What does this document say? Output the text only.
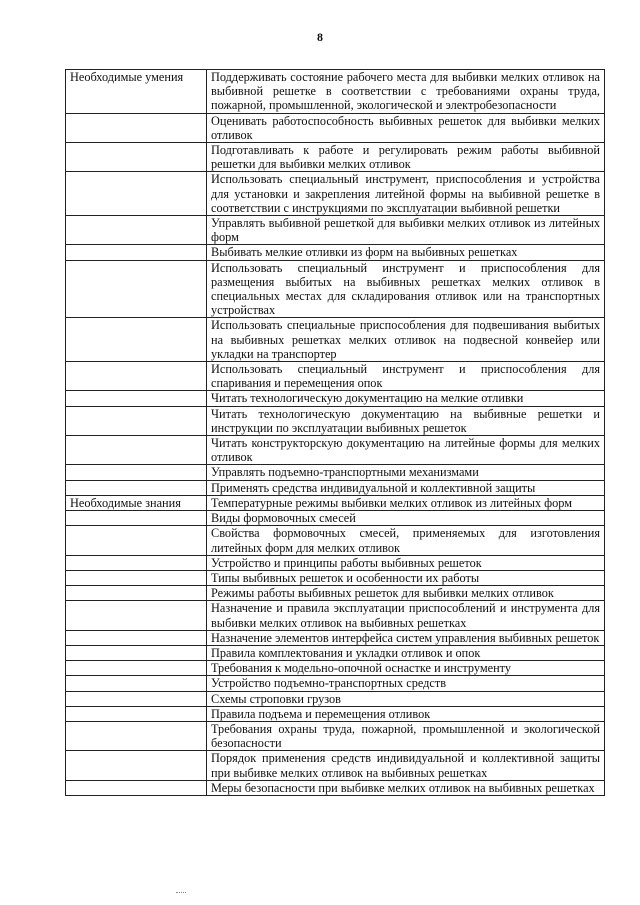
8
Необходимые умения	Поддерживать состояние рабочего места для выбивки мелких отливок на выбивной решетке в соответствии с требованиями охраны труда, пожарной, промышленной, экологической и электробезопасности
	Оценивать работоспособность выбивных решеток для выбивки мелких отливок
	Подготавливать к работе и регулировать режим работы выбивной решетки для выбивки мелких отливок
	Использовать специальный инструмент, приспособления и устройства для установки и закрепления литейной формы на выбивной решетке в соответствии с инструкциями по эксплуатации выбивной решетки
	Управлять выбивной решеткой для выбивки мелких отливок из литейных форм
	Выбивать мелкие отливки из форм на выбивных решетках
	Использовать специальный инструмент и приспособления для размещения выбитых на выбивных решетках мелких отливок в специальных местах для складирования отливок или на транспортных устройствах
	Использовать специальные приспособления для подвешивания выбитых на выбивных решетках мелких отливок на подвесной конвейер или укладки на транспортер
	Использовать специальный инструмент и приспособления для спаривания и перемещения опок
	Читать технологическую документацию на мелкие отливки
	Читать технологическую документацию на выбивные решетки и инструкции по эксплуатации выбивных решеток
	Читать конструкторскую документацию на литейные формы для мелких отливок
	Управлять подъемно-транспортными механизмами
	Применять средства индивидуальной и коллективной защиты
Необходимые знания	Температурные режимы выбивки мелких отливок из литейных форм
	Виды формовочных смесей
	Свойства формовочных смесей, применяемых для изготовления литейных форм для мелких отливок
	Устройство и принципы работы выбивных решеток
	Типы выбивных решеток и особенности их работы
	Режимы работы выбивных решеток для выбивки мелких отливок
	Назначение и правила эксплуатации приспособлений и инструмента для выбивки мелких отливок на выбивных решетках
	Назначение элементов интерфейса систем управления выбивных решеток
	Правила комплектования и укладки отливок и опок
	Требования к модельно-опочной оснастке и инструменту
	Устройство подъемно-транспортных средств
	Схемы строповки грузов
	Правила подъема и перемещения отливок
	Требования охраны труда, пожарной, промышленной и экологической безопасности
	Порядок применения средств индивидуальной и коллективной защиты при выбивке мелких отливок на выбивных решетках
	Меры безопасности при выбивке мелких отливок на выбивных решетках
